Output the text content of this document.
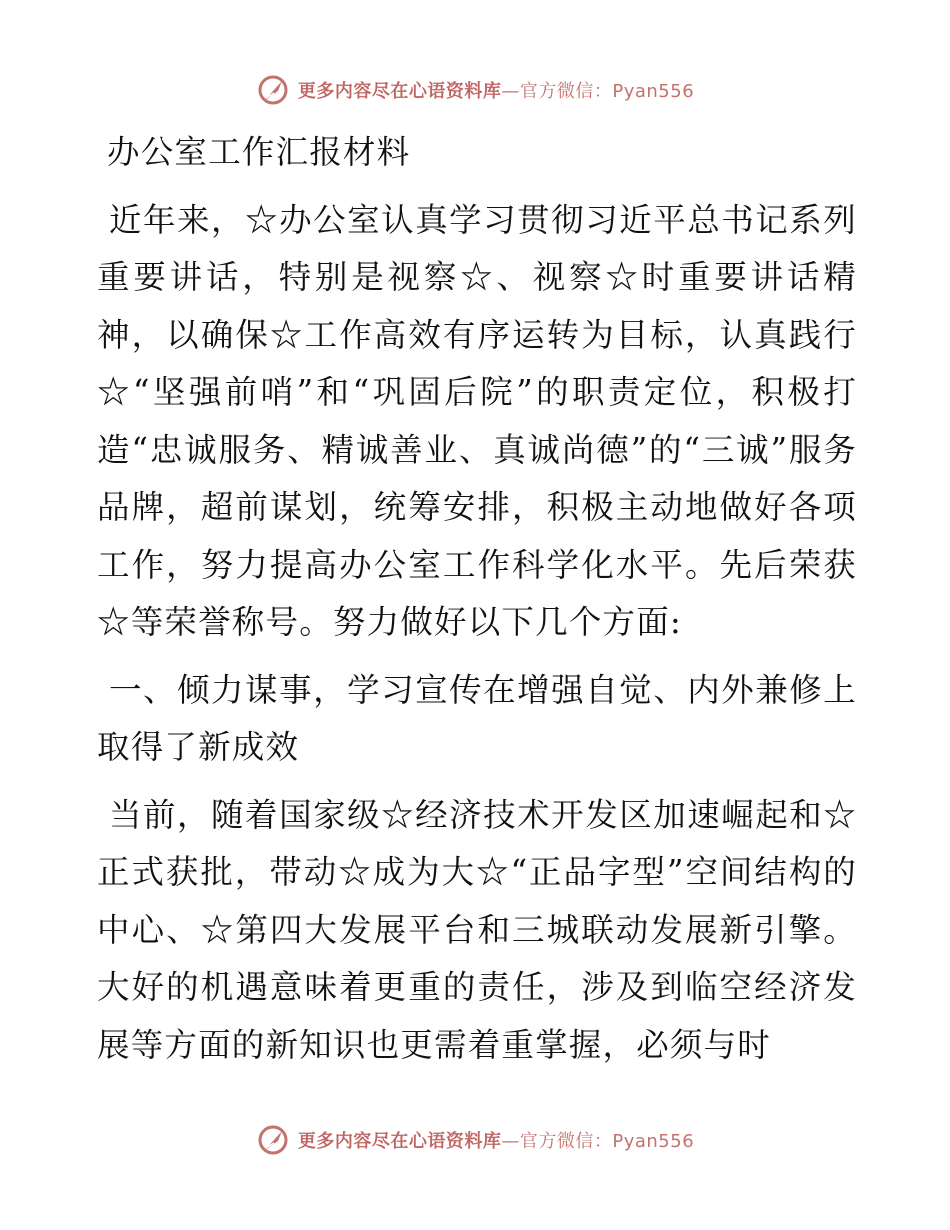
更多内容尽在心语资料库—官方微信：Pyan556

办公室工作汇报材料

近年来，☆办公室认真学习贯彻习近平总书记系列重要讲话，特别是视察☆、视察☆时重要讲话精神，以确保☆工作高效有序运转为目标，认真践行☆“坚强前哨”和“巩固后院”的职责定位，积极打造“忠诚服务、精诚善业、真诚尚德”的“三诚”服务品牌，超前谋划，统筹安排，积极主动地做好各项工作，努力提高办公室工作科学化水平。先后荣获☆等荣誉称号。努力做好以下几个方面:

一、倾力谋事，学习宣传在增强自觉、内外兼修上取得了新成效

当前，随着国家级☆经济技术开发区加速崛起和☆正式获批，带动☆成为大☆“正品字型”空间结构的中心、☆第四大发展平台和三城联动发展新引擎。大好的机遇意味着更重的责任，涉及到临空经济发展等方面的新知识也更需着重掌握，必须与时

更多内容尽在心语资料库—官方微信：Pyan556
